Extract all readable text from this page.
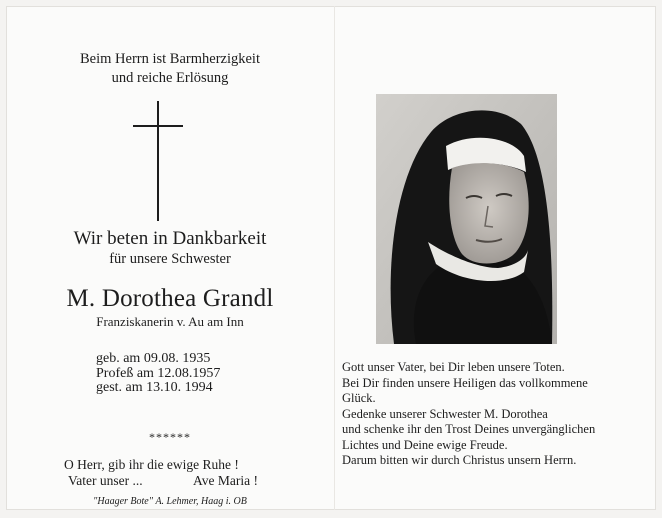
Beim Herrn ist Barmherzigkeit
und reiche Erlösung
Wir beten in Dankbarkeit
für unsere Schwester
M. Dorothea Grandl
Franziskanerin v. Au am Inn
geb. am 09.08. 1935
Profeß am 12.08.1957
gest. am 13.10. 1994
******
O Herr, gib ihr die ewige Ruhe !
Vater unser ...	Ave Maria !
"Haager Bote" A. Lehmer, Haag i. OB
Gott unser Vater, bei Dir leben unsere Toten.
Bei Dir finden unsere Heiligen das vollkommene
Glück.
Gedenke unserer Schwester M. Dorothea
und schenke ihr den Trost Deines unvergänglichen
Lichtes und Deine ewige Freude.
Darum bitten wir durch Christus unsern Herrn.
